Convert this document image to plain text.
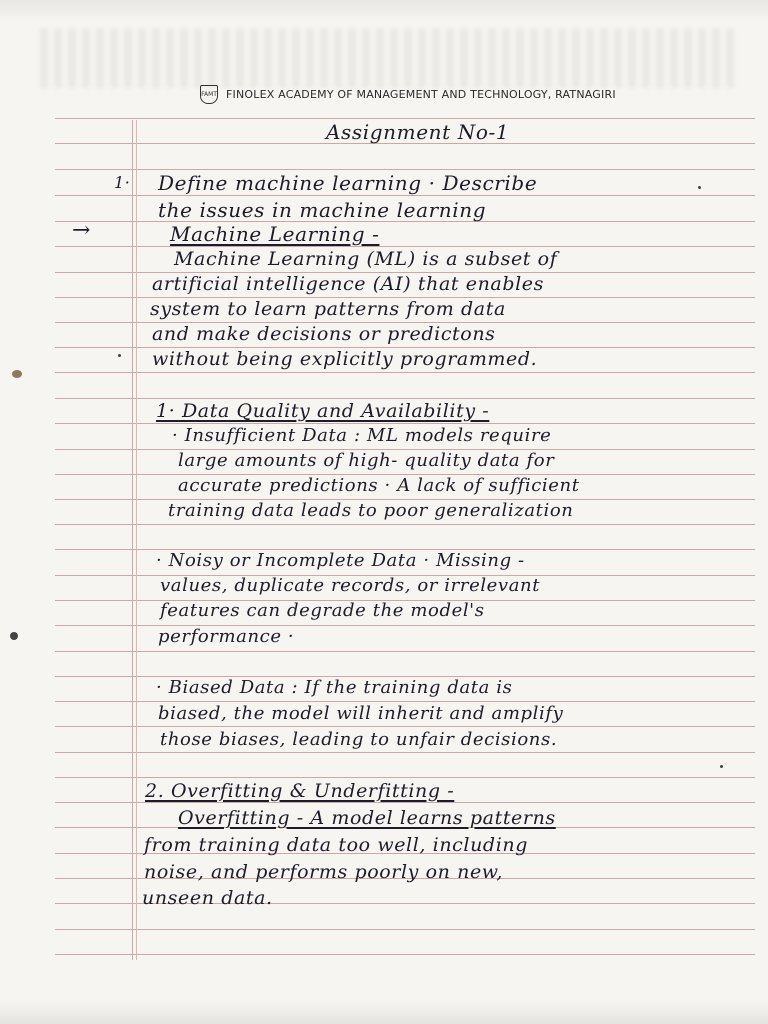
FAMT FINOLEX ACADEMY OF MANAGEMENT AND TECHNOLOGY, RATNAGIRI
Assignment No-1
1· Define machine learning · Describe
the issues in machine learning
→	Machine Learning -
Machine Learning (ML) is a subset of
artificial intelligence (AI) that enables
system to learn patterns from data
and make decisions or predictons
without being explicitly programmed.
1· Data Quality and Availability -
· Insufficient Data : ML models require
large amounts of high- quality data for
accurate predictions · A lack of sufficient
training data leads to poor generalization
· Noisy or Incomplete Data · Missing -
values, duplicate records, or irrelevant
features can degrade the model's
performance ·
· Biased Data : If the training data is
biased, the model will inherit and amplify
those biases, leading to unfair decisions.
2. Overfitting & Underfitting -
Overfitting - A model learns patterns
from training data too well, including
noise, and performs poorly on new,
unseen data.
